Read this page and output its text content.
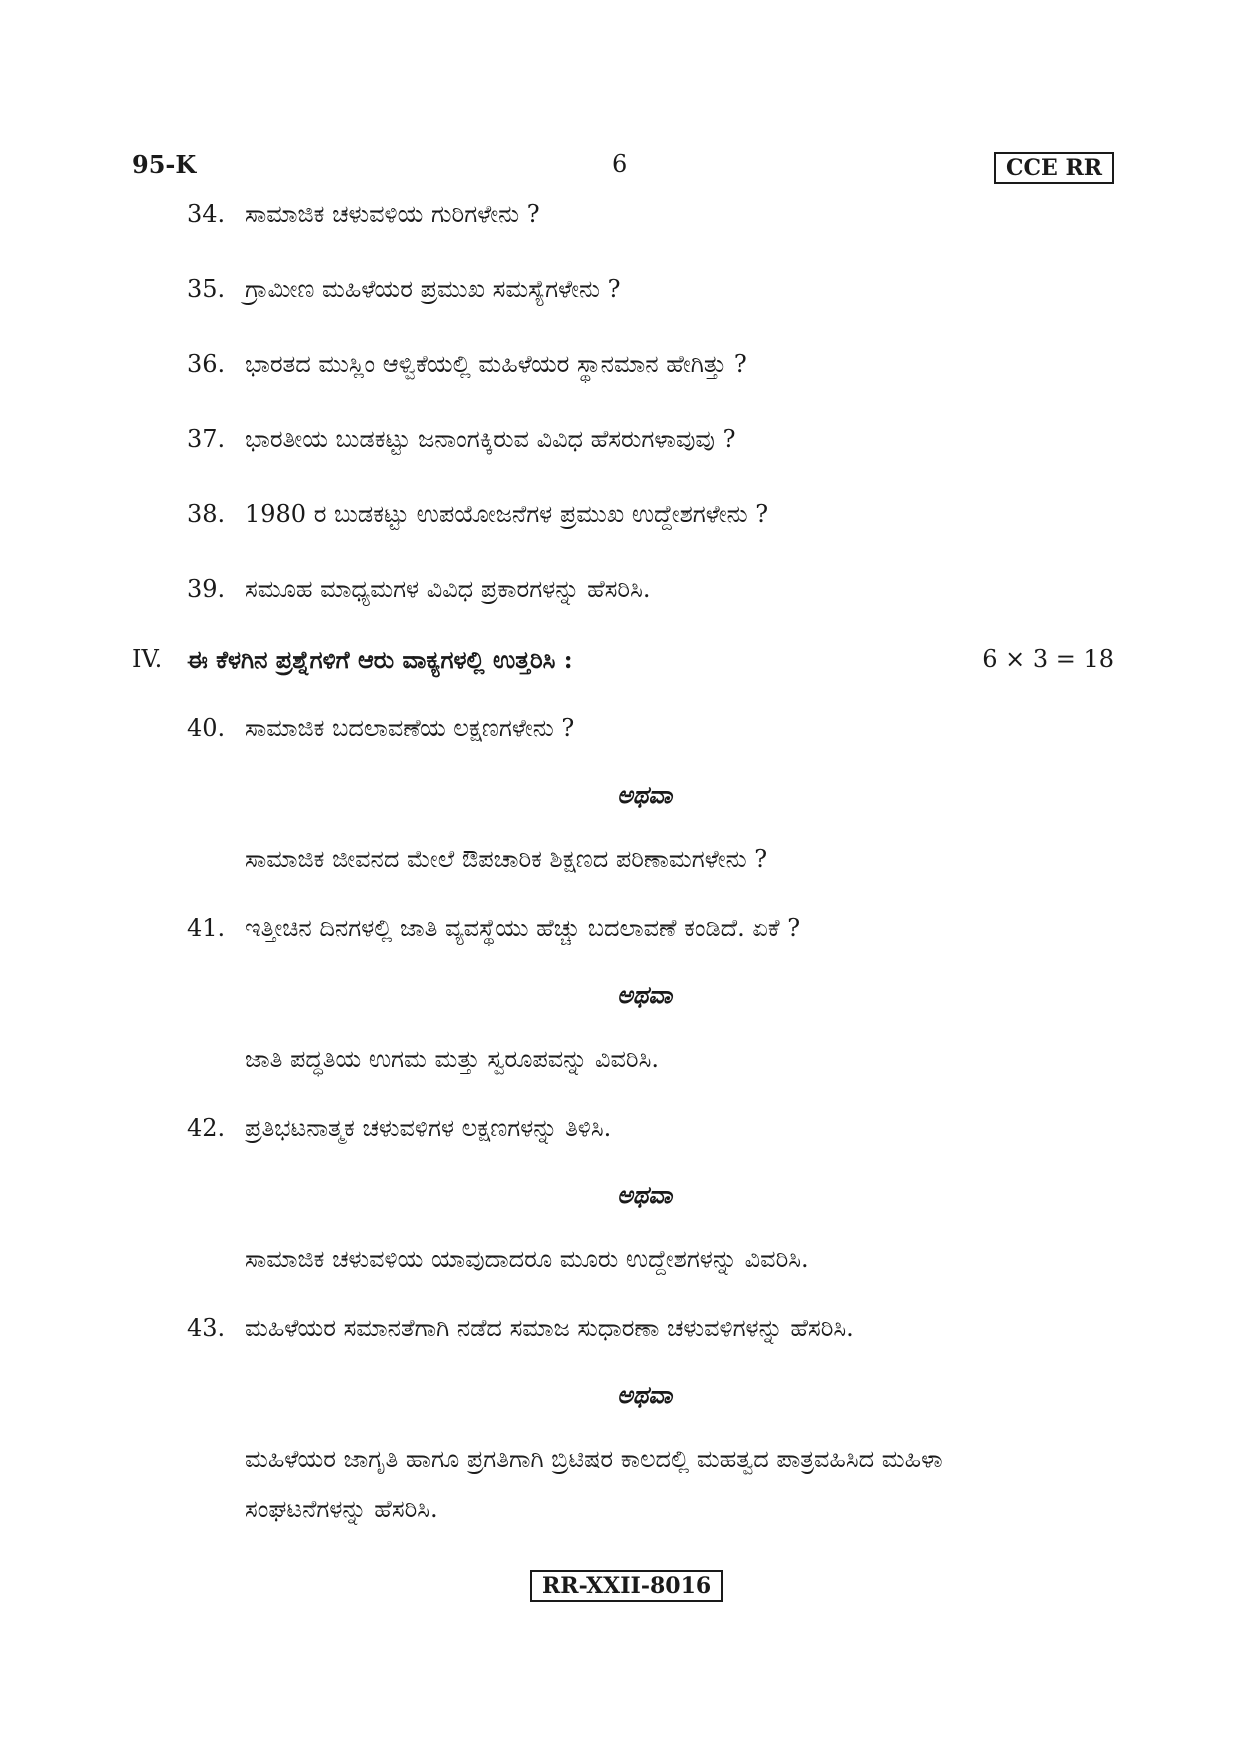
95-K	6	CCE RR
34. ಸಾಮಾಜಿಕ ಚಳುವಳಿಯ ಗುರಿಗಳೇನು ?
35. ಗ್ರಾಮೀಣ ಮಹಿಳೆಯರ ಪ್ರಮುಖ ಸಮಸ್ಯೆಗಳೇನು ?
36. ಭಾರತದ ಮುಸ್ಲಿಂ ಆಳ್ವಿಕೆಯಲ್ಲಿ ಮಹಿಳೆಯರ ಸ್ಥಾನಮಾನ ಹೇಗಿತ್ತು ?
37. ಭಾರತೀಯ ಬುಡಕಟ್ಟು ಜನಾಂಗಕ್ಕಿರುವ ವಿವಿಧ ಹೆಸರುಗಳಾವುವು ?
38. 1980 ರ ಬುಡಕಟ್ಟು ಉಪಯೋಜನೆಗಳ ಪ್ರಮುಖ ಉದ್ದೇಶಗಳೇನು ?
39. ಸಮೂಹ ಮಾಧ್ಯಮಗಳ ವಿವಿಧ ಪ್ರಕಾರಗಳನ್ನು ಹೆಸರಿಸಿ.
IV. ಈ ಕೆಳಗಿನ ಪ್ರಶ್ನೆಗಳಿಗೆ ಆರು ವಾಕ್ಯಗಳಲ್ಲಿ ಉತ್ತರಿಸಿ :	6 × 3 = 18
40. ಸಾಮಾಜಿಕ ಬದಲಾವಣೆಯ ಲಕ್ಷಣಗಳೇನು ?
ಅಥವಾ
ಸಾಮಾಜಿಕ ಜೀವನದ ಮೇಲೆ ಔಪಚಾರಿಕ ಶಿಕ್ಷಣದ ಪರಿಣಾಮಗಳೇನು ?
41. ಇತ್ತೀಚಿನ ದಿನಗಳಲ್ಲಿ ಜಾತಿ ವ್ಯವಸ್ಥೆಯು ಹೆಚ್ಚು ಬದಲಾವಣೆ ಕಂಡಿದೆ. ಏಕೆ ?
ಅಥವಾ
ಜಾತಿ ಪದ್ಧತಿಯ ಉಗಮ ಮತ್ತು ಸ್ವರೂಪವನ್ನು ವಿವರಿಸಿ.
42. ಪ್ರತಿಭಟನಾತ್ಮಕ ಚಳುವಳಿಗಳ ಲಕ್ಷಣಗಳನ್ನು ತಿಳಿಸಿ.
ಅಥವಾ
ಸಾಮಾಜಿಕ ಚಳುವಳಿಯ ಯಾವುದಾದರೂ ಮೂರು ಉದ್ದೇಶಗಳನ್ನು ವಿವರಿಸಿ.
43. ಮಹಿಳೆಯರ ಸಮಾನತೆಗಾಗಿ ನಡೆದ ಸಮಾಜ ಸುಧಾರಣಾ ಚಳುವಳಿಗಳನ್ನು ಹೆಸರಿಸಿ.
ಅಥವಾ
ಮಹಿಳೆಯರ ಜಾಗೃತಿ ಹಾಗೂ ಪ್ರಗತಿಗಾಗಿ ಬ್ರಿಟಿಷರ ಕಾಲದಲ್ಲಿ ಮಹತ್ವದ ಪಾತ್ರವಹಿಸಿದ ಮಹಿಳಾ
ಸಂಘಟನೆಗಳನ್ನು ಹೆಸರಿಸಿ.
RR-XXII-8016
